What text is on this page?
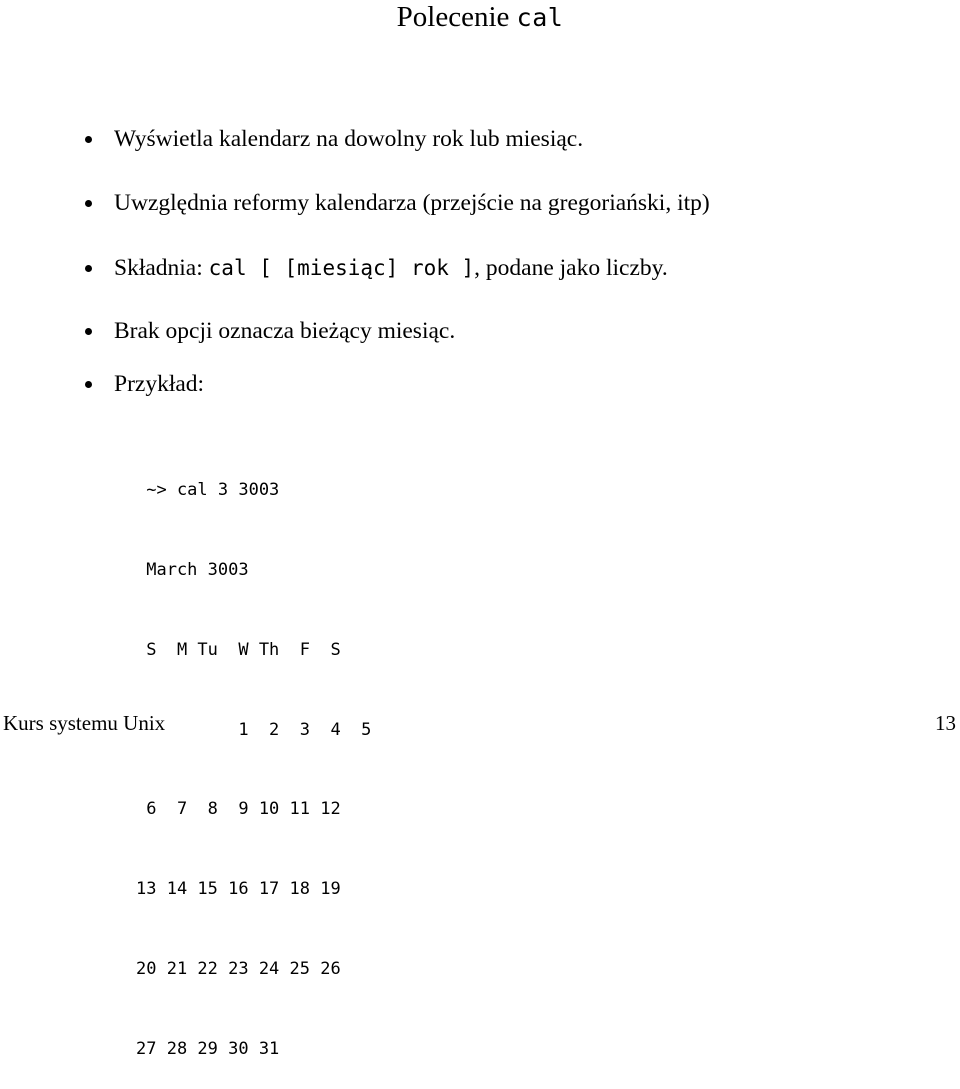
Polecenie cal
Wyświetla kalendarz na dowolny rok lub miesiąc.
Uwzględnia reformy kalendarza (przejście na gregoriański, itp)
Składnia: cal [ [miesiąc] rok ] , podane jako liczby.
Brak opcji oznacza bieżący miesiąc.
Przykład:

~> cal 3 3003

March 3003

S  M Tu  W Th  F  S

1  2  3  4  5

6  7  8  9 10 11 12

13 14 15 16 17 18 19

20 21 22 23 24 25 26

27 28 29 30 31

Kurs systemu Unix	13
